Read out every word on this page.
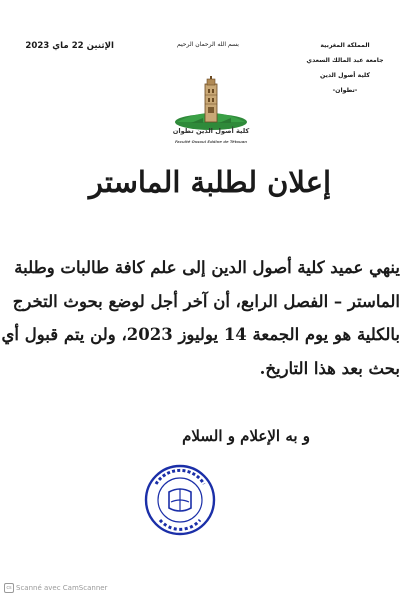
المملكة المغربية
جامعة عبد المالك السعدي
كلية أصول الدين
-تطوان-
بسم الله الرحمان الرحيم
الإثنين 22 ماي 2023
كلية أصول الدين تطوان
Faculté Ossoul Eddine de Tétouan
إعلان لطلبة الماستر
ينهي عميد كلية أصول الدين إلى علم كافة طالبات وطلبة
الماستر – الفصل الرابع، أن آخر أجل لوضع بحوث التخرج
بالكلية هو يوم الجمعة 14 يوليوز 2023، ولن يتم قبول أي
بحث بعد هذا التاريخ.
و به الإعلام و السلام
cs Scanné avec CamScanner
